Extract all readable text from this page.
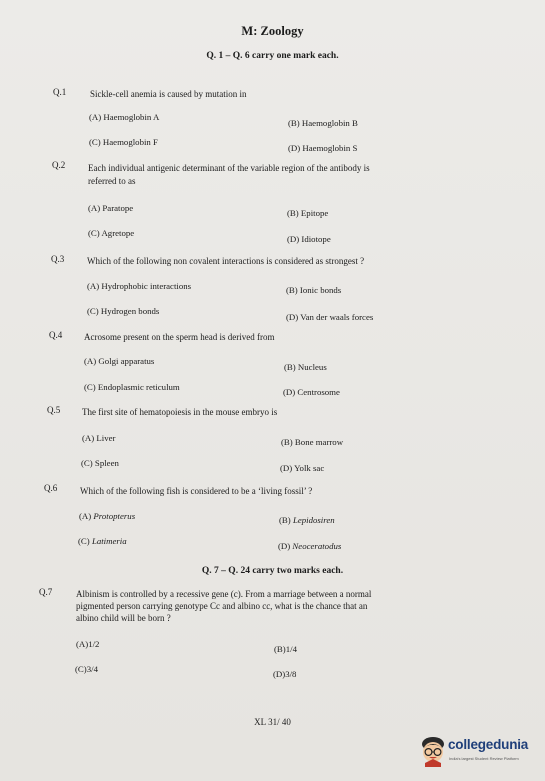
M: Zoology
Q. 1 – Q. 6 carry one mark each.
Q.1	Sickle-cell anemia is caused by mutation in
(A) Haemoglobin A
(B) Haemoglobin B
(C) Haemoglobin F
(D) Haemoglobin S
Q.2	Each individual antigenic determinant of the variable region of the antibody is
referred to as
(A) Paratope	(B) Epitope
(C) Agretope
(D) Idiotope
Q.3	Which of the following non covalent interactions is considered as strongest ?
(A) Hydrophobic interactions	(B) Ionic bonds
(C) Hydrogen bonds
(D) Van der waals forces
Q.4 Acrosome present on the sperm head is derived from
(A) Golgi apparatus
(B) Nucleus
(C) Endoplasmic reticulum	(D) Centrosome
Q.5 The first site of hematopoiesis in the mouse embryo is
(A) Liver	(B) Bone marrow
(C) Spleen	(D) Yolk sac
Q.6	Which of the following fish is considered to be a ‘living fossil’ ?
(A) Protopterus	(B) Lepidosiren
(C) Latimeria	(D) Neoceratodus
Q. 7 – Q. 24 carry two marks each.
Q.7	Albinism is controlled by a recessive gene (c). From a marriage between a normal
pigmented person carrying genotype Cc and albino cc, what is the chance that an
albino child will be born ?
(A)1/2	(B)1/4
(C)3/4	(D)3/8
XL 31/ 40
collegedunia
India's largest Student Review Platform
